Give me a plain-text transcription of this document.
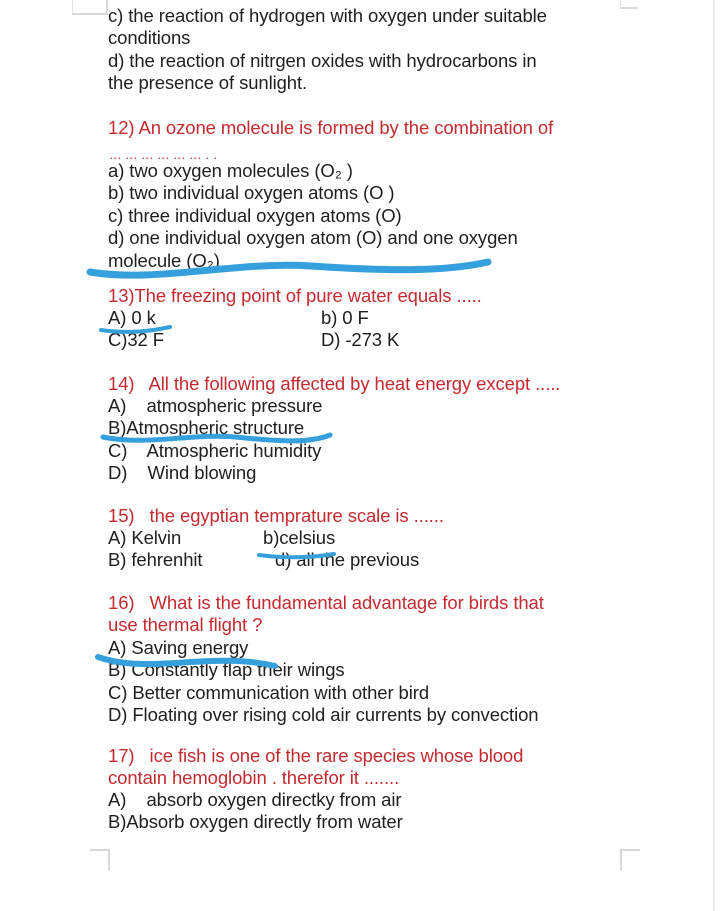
c) the reaction of hydrogen with oxygen under suitable
conditions
d) the reaction of nitrgen oxides with hydrocarbons in
the presence of sunlight.
12) An ozone molecule is formed by the combination of
... ... ... ... ... ... . .
a) two oxygen molecules (O₂ )
b) two individual oxygen atoms (O )
c) three individual oxygen atoms (O)
d) one individual oxygen atom (O) and one oxygen
molecule (O₂)
13)The freezing point of pure water equals .....
A) 0 k	b) 0 F
C)32 F	D) -273 K
14)   All the following affected by heat energy except .....
A)    atmospheric pressure
B)Atmospheric structure
C)    Atmospheric humidity
D)    Wind blowing
15)   the egyptian temprature scale is ......
A) Kelvin	b)celsius
B) fehrenhit	d) all the previous
16)   What is the fundamental advantage for birds that
use thermal flight ?
A) Saving energy
B) Constantly flap their wings
C) Better communication with other bird
D) Floating over rising cold air currents by convection
17)   ice fish is one of the rare species whose blood
contain hemoglobin . therefor it .......
A)    absorb oxygen directky from air
B)Absorb oxygen directly from water
